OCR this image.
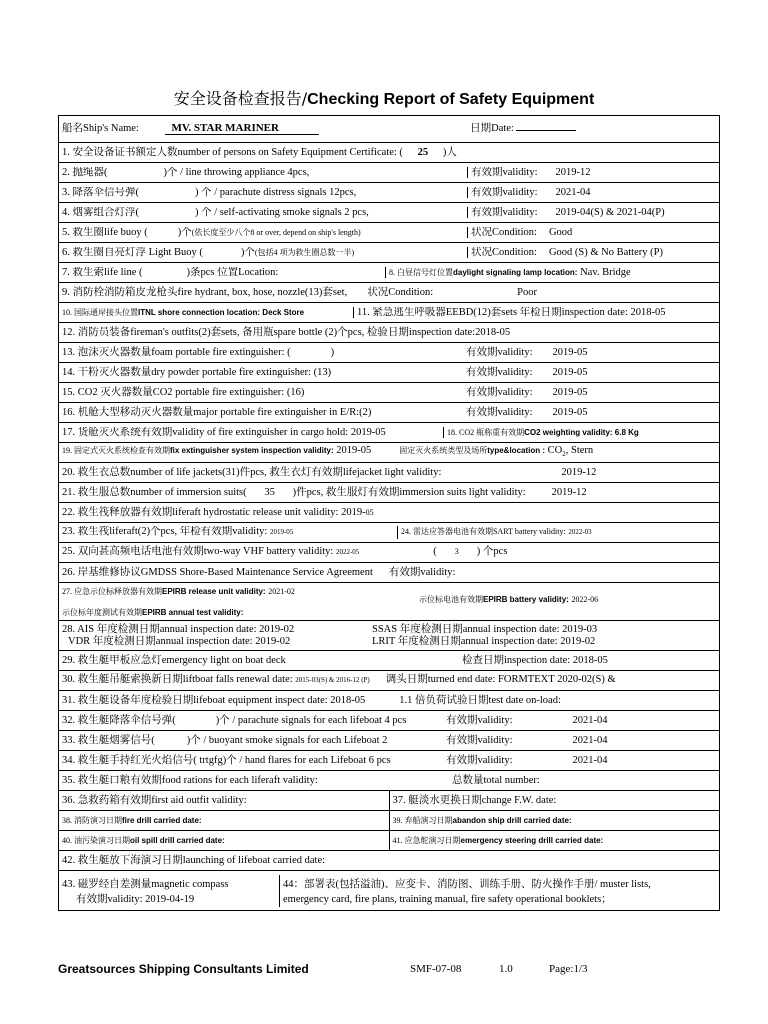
安全设备检查报告/Checking Report of Safety Equipment
船名Ship's Name:	MV. STAR MARINER	日期Date:
1. 安全设备证书额定人数number of persons on Safety Equipment Certificate: ( 25 )人

2. 抛绳器(	)个 / line throwing appliance 4pcs,	有效期validity: 2019-12

3. 降落伞信号弹(	) 个 / parachute distress signals 12pcs,	有效期validity: 2021-04

4. 烟雾组合灯浮(	) 个 / self-activating smoke signals 2 pcs,	有效期validity: 2019-04(S) & 2021-04(P)

5. 救生圈life buoy (	)个(依长度至少八个8 or over, depend on ship's length)	状况Condition: Good

6. 救生圈自亮灯浮 Light Buoy (	)个(包括4 项为救生圈总数一半)	状况Condition: Good (S) & No Battery (P)

7. 救生索life line (	)条pcs 位置Location:	8. 白昼信号灯位置daylight signaling lamp location: Nav. Bridge

9. 消防栓消防箱皮龙枪头fire hydrant, box, hose, nozzle(13)套set, 状况Condition:	Poor

10. 国际通岸接头位置ITNL shore connection location: Deck Store	11. 紧急逃生呼吸器EEBD(12)套sets 年检日期inspection date: 2018-05

12. 消防员装备fireman's outfits(2)套sets, 备用瓶spare bottle (2)个pcs, 检验日期inspection date:2018-05
13. 泡沫灭火器数量foam portable fire extinguisher: (	)	有效期validity: 2019-05
14. 干粉灭火器数量dry powder portable fire extinguisher: (13)	有效期validity: 2019-05
15. CO2 灭火器数量CO2 portable fire extinguisher: (16)	有效期validity: 2019-05
16. 机舱大型移动灭火器数量major portable fire extinguisher in E/R:(2)	有效期validity: 2019-05

17. 货舱灭火系统有效期validity of fire extinguisher in cargo hold: 2019-05	18. CO2 瓶称重有效期CO2 weighting validity: 6.8 Kg

19. 固定式灭火系统检查有效期fix extinguisher system inspection validity: 2019-05	固定灭火系统类型及场所type&location : $CO_2$, Stern
20. 救生衣总数number of life jackets(31)件pcs, 救生衣灯有效期lifejacket light validity:	2019-12
21. 救生服总数number of immersion suits( 35 )件pcs, 救生服灯有效期immersion suits light validity: 2019-12
22. 救生筏释放器有效期liferaft hydrostatic release unit validity: 2019-05

23. 救生筏liferaft(2)个pcs, 年检有效期validity: 2019-05	24. 雷达应答器电池有效期SART battery validity: 2022-03

25. 双向甚高频电话电池有效期two-way VHF battery validity: 2022-05	( 3 ) 个pcs
26. 岸基维修协议GMDSS Shore-Based Maintenance Service Agreement 有效期validity:

27. 应急示位标释放器有效期EPIRB release unit validity: 2021-02
示位标电池有效期EPIRB battery validity: 2022-06
示位标年度测试有效期EPIRB annual test validity:

28. AIS 年度检测日期annual inspection date: 2019-02	SSAS 年度检测日期annual inspection date: 2019-03
VDR 年度检测日期annual inspection date: 2019-02	LRIT 年度检测日期annual inspection date: 2019-02

29. 救生艇甲板应急灯emergency light on boat deck	检查日期inspection date: 2018-05
30. 救生艇吊艇索换新日期liftboat falls renewal date: 2015-03(S) & 2016-12 (P) 调头日期turned end date: FORMTEXT 2020-02(S) &
31. 救生艇设备年度检验日期lifeboat equipment inspect date: 2018-05	1.1 倍负荷试验日期test date on-load:
32. 救生艇降落伞信号弹(	)个 / parachute signals for each lifeboat 4 pcs	有效期validity:	2021-04
33. 救生艇烟雾信号(	)个 / buoyant smoke signals for each Lifeboat 2	有效期validity:	2021-04
34. 救生艇手持红光火焰信号( trtgfg)个 / hand flares for each Lifeboat 6 pcs	有效期validity:	2021-04
35. 救生艇口粮有效期food rations for each liferaft validity:	总数量total number:
36. 急救药箱有效期first aid outfit validity:	37. 艇淡水更换日期change F.W. date:
38. 消防演习日期fire drill carried date:	39. 弃船演习日期abandon ship drill carried date:
40. 油污染演习日期oil spill drill carried date:	41. 应急舵演习日期emergency steering drill carried date:
42. 救生艇放下海演习日期launching of lifeboat carried date:

43. 磁罗经自差测量magnetic compass
有效期validity: 2019-04-19

44：部署表(包括溢油)、应变卡、消防图、训练手册、防火操作手册/ muster lists,
emergency card, fire plans, training manual, fire safety operational booklets；
Greatsources Shipping Consultants Limited	SMF-07-08	1.0	Page:1/3
